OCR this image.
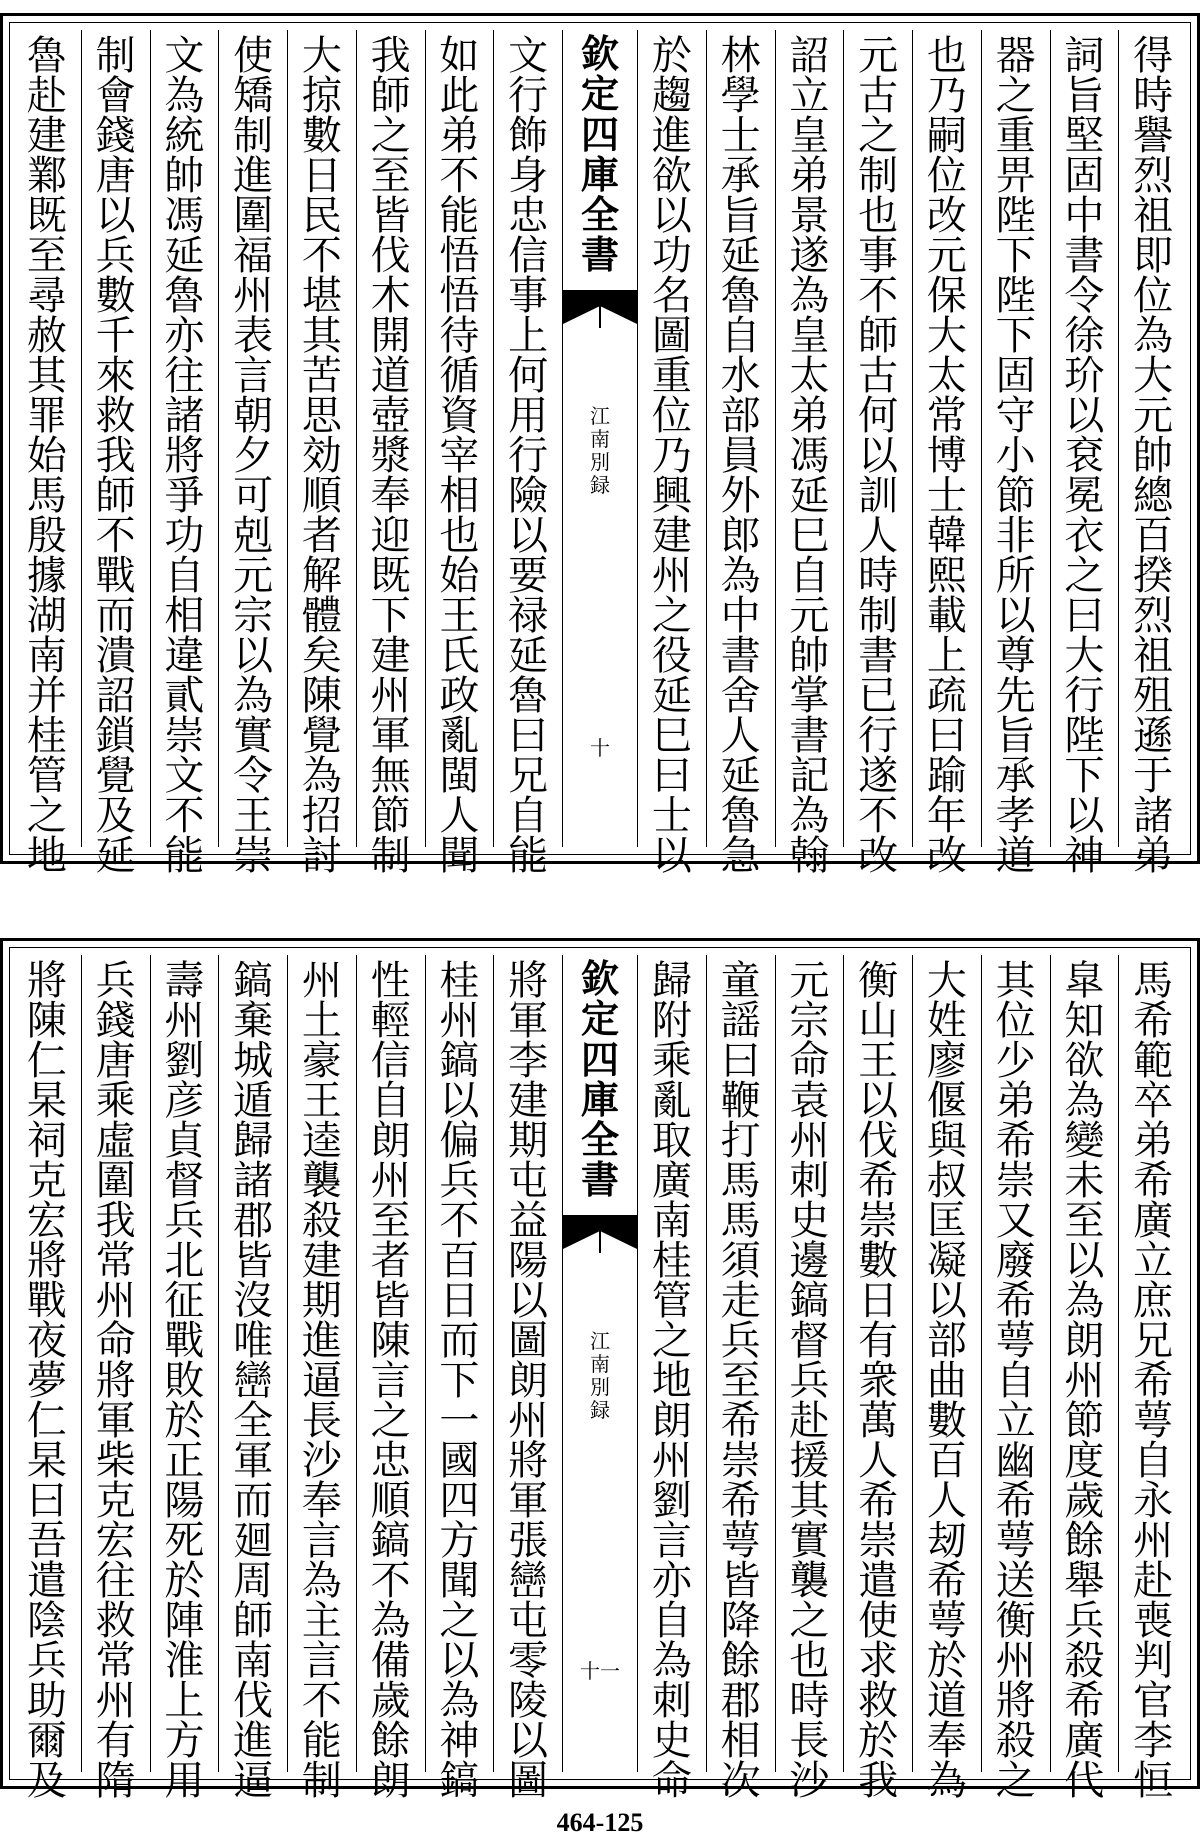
得
時
譽
烈
祖
即
位
為
大
元
帥
總
百
揆
烈
祖
殂
遜
于
諸
弟
詞
旨
堅
固
中
書
令
徐
玠
以
袞
冕
衣
之
曰
大
行
陛
下
以
神
器
之
重
畀
陛
下
陛
下
固
守
小
節
非
所
以
尊
先
旨
承
孝
道
也
乃
嗣
位
改
元
保
大
太
常
博
士
韓
熙
載
上
疏
曰
踰
年
改
元
古
之
制
也
事
不
師
古
何
以
訓
人
時
制
書
已
行
遂
不
改
詔
立
皇
弟
景
遂
為
皇
太
弟
馮
延
巳
自
元
帥
掌
書
記
為
翰
林
學
士
承
旨
延
魯
自
水
部
員
外
郎
為
中
書
舍
人
延
魯
急
於
趨
進
欲
以
功
名
圖
重
位
乃
興
建
州
之
役
延
巳
曰
士
以
欽
定
四
庫
全
書
江
南
別
録
十
文
行
飾
身
忠
信
事
上
何
用
行
險
以
要
禄
延
魯
曰
兄
自
能
如
此
弟
不
能
悟
悟
待
循
資
宰
相
也
始
王
氏
政
亂
閩
人
聞
我
師
之
至
皆
伐
木
開
道
壺
漿
奉
迎
既
下
建
州
軍
無
節
制
大
掠
數
日
民
不
堪
其
苦
思
効
順
者
解
體
矣
陳
覺
為
招
討
使
矯
制
進
圍
福
州
表
言
朝
夕
可
剋
元
宗
以
為
實
令
王
崇
文
為
統
帥
馮
延
魯
亦
往
諸
將
爭
功
自
相
違
貳
崇
文
不
能
制
會
錢
唐
以
兵
數
千
來
救
我
師
不
戰
而
潰
詔
鎖
覺
及
延
魯
赴
建
鄴
既
至
尋
赦
其
罪
始
馬
殷
據
湖
南
并
桂
管
之
地
馬
希
範
卒
弟
希
廣
立
庶
兄
希
萼
自
永
州
赴
喪
判
官
李
恒
皐
知
欲
為
變
未
至
以
為
朗
州
節
度
歲
餘
舉
兵
殺
希
廣
代
其
位
少
弟
希
崇
又
廢
希
萼
自
立
幽
希
萼
送
衡
州
將
殺
之
大
姓
廖
偃
與
叔
匡
凝
以
部
曲
數
百
人
刼
希
萼
於
道
奉
為
衡
山
王
以
伐
希
崇
數
日
有
衆
萬
人
希
崇
遣
使
求
救
於
我
元
宗
命
袁
州
刺
史
邊
鎬
督
兵
赴
援
其
實
襲
之
也
時
長
沙
童
謡
曰
鞭
打
馬
馬
須
走
兵
至
希
崇
希
萼
皆
降
餘
郡
相
次
歸
附
乘
亂
取
廣
南
桂
管
之
地
朗
州
劉
言
亦
自
為
刺
史
命
欽
定
四
庫
全
書
江
南
別
録
十一
將
軍
李
建
期
屯
益
陽
以
圖
朗
州
將
軍
張
巒
屯
零
陵
以
圖
桂
州
鎬
以
偏
兵
不
百
日
而
下
一
國
四
方
聞
之
以
為
神
鎬
性
輕
信
自
朗
州
至
者
皆
陳
言
之
忠
順
鎬
不
為
備
歲
餘
朗
州
土
豪
王
逵
襲
殺
建
期
進
逼
長
沙
奉
言
為
主
言
不
能
制
鎬
棄
城
遁
歸
諸
郡
皆
沒
唯
巒
全
軍
而
廻
周
師
南
伐
進
逼
壽
州
劉
彦
貞
督
兵
北
征
戰
敗
於
正
陽
死
於
陣
淮
上
方
用
兵
錢
唐
乘
虛
圍
我
常
州
命
將
軍
柴
克
宏
往
救
常
州
有
隋
將
陳
仁
杲
祠
克
宏
將
戰
夜
夢
仁
杲
曰
吾
遣
陰
兵
助
爾
及
464-125
